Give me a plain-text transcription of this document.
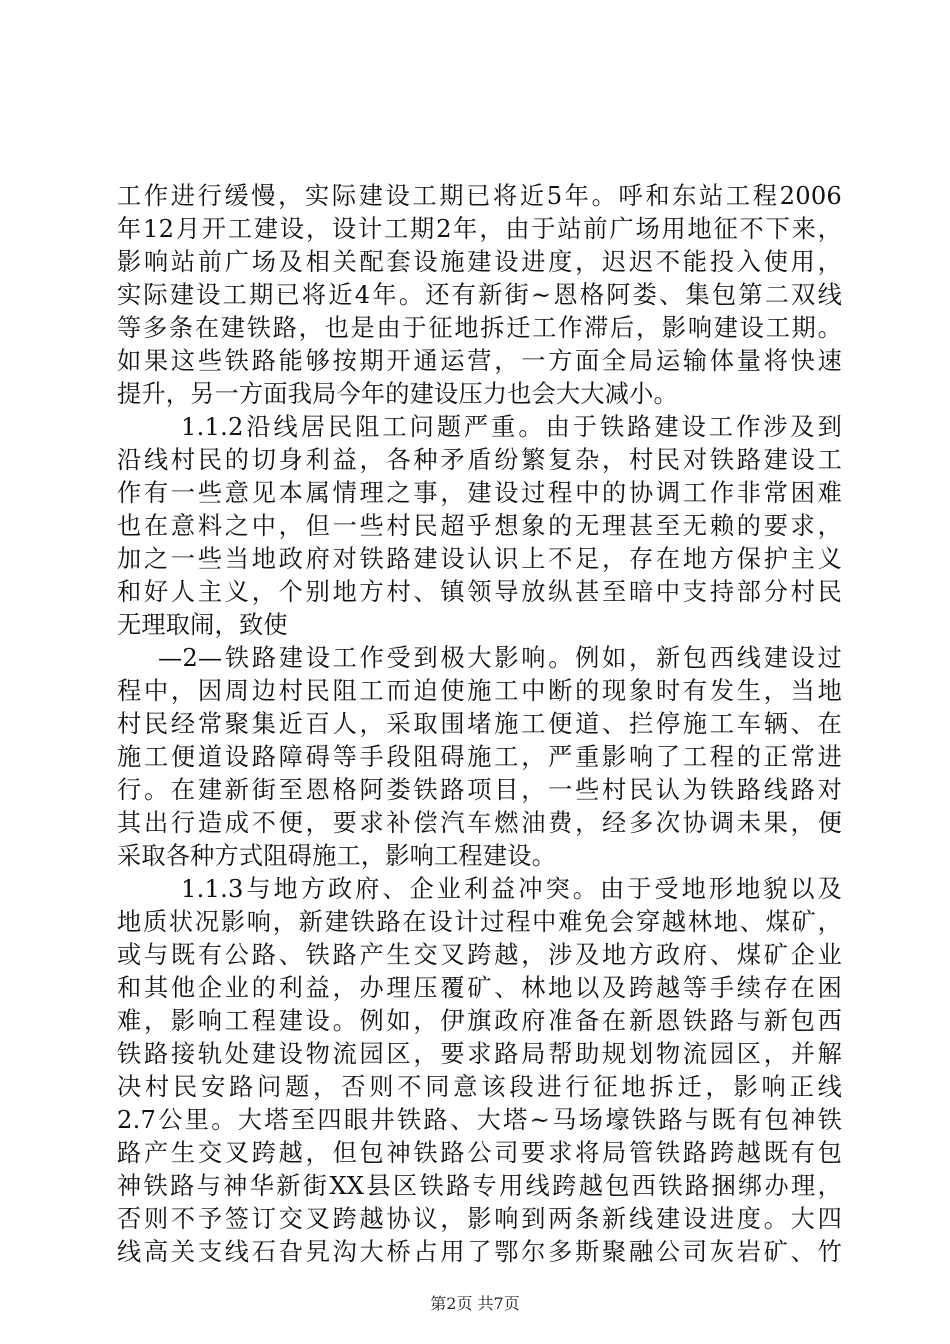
工作进行缓慢，实际建设工期已将近5年。呼和东站工程2006
年12月开工建设，设计工期2年，由于站前广场用地征不下来，
影响站前广场及相关配套设施建设进度，迟迟不能投入使用，
实际建设工期已将近4年。还有新街~恩格阿娄、集包第二双线
等多条在建铁路，也是由于征地拆迁工作滞后，影响建设工期。
如果这些铁路能够按期开通运营，一方面全局运输体量将快速
提升，另一方面我局今年的建设压力也会大大减小。
1.1.2沿线居民阻工问题严重。由于铁路建设工作涉及到
沿线村民的切身利益，各种矛盾纷繁复杂，村民对铁路建设工
作有一些意见本属情理之事，建设过程中的协调工作非常困难
也在意料之中，但一些村民超乎想象的无理甚至无赖的要求，
加之一些当地政府对铁路建设认识上不足，存在地方保护主义
和好人主义，个别地方村、镇领导放纵甚至暗中支持部分村民
无理取闹，致使
—2—铁路建设工作受到极大影响。例如，新包西线建设过
程中，因周边村民阻工而迫使施工中断的现象时有发生，当地
村民经常聚集近百人，采取围堵施工便道、拦停施工车辆、在
施工便道设路障碍等手段阻碍施工，严重影响了工程的正常进
行。在建新街至恩格阿娄铁路项目，一些村民认为铁路线路对
其出行造成不便，要求补偿汽车燃油费，经多次协调未果，便
采取各种方式阻碍施工，影响工程建设。
1.1.3与地方政府、企业利益冲突。由于受地形地貌以及
地质状况影响，新建铁路在设计过程中难免会穿越林地、煤矿，
或与既有公路、铁路产生交叉跨越，涉及地方政府、煤矿企业
和其他企业的利益，办理压覆矿、林地以及跨越等手续存在困
难，影响工程建设。例如，伊旗政府准备在新恩铁路与新包西
铁路接轨处建设物流园区，要求路局帮助规划物流园区，并解
决村民安路问题，否则不同意该段进行征地拆迁，影响正线
2.7公里。大塔至四眼井铁路、大塔~马场壕铁路与既有包神铁
路产生交叉跨越，但包神铁路公司要求将局管铁路跨越既有包
神铁路与神华新街XX县区铁路专用线跨越包西铁路捆绑办理，
否则不予签订交叉跨越协议，影响到两条新线建设进度。大四
线高关支线石旮旯沟大桥占用了鄂尔多斯聚融公司灰岩矿、竹
第2页 共7页
